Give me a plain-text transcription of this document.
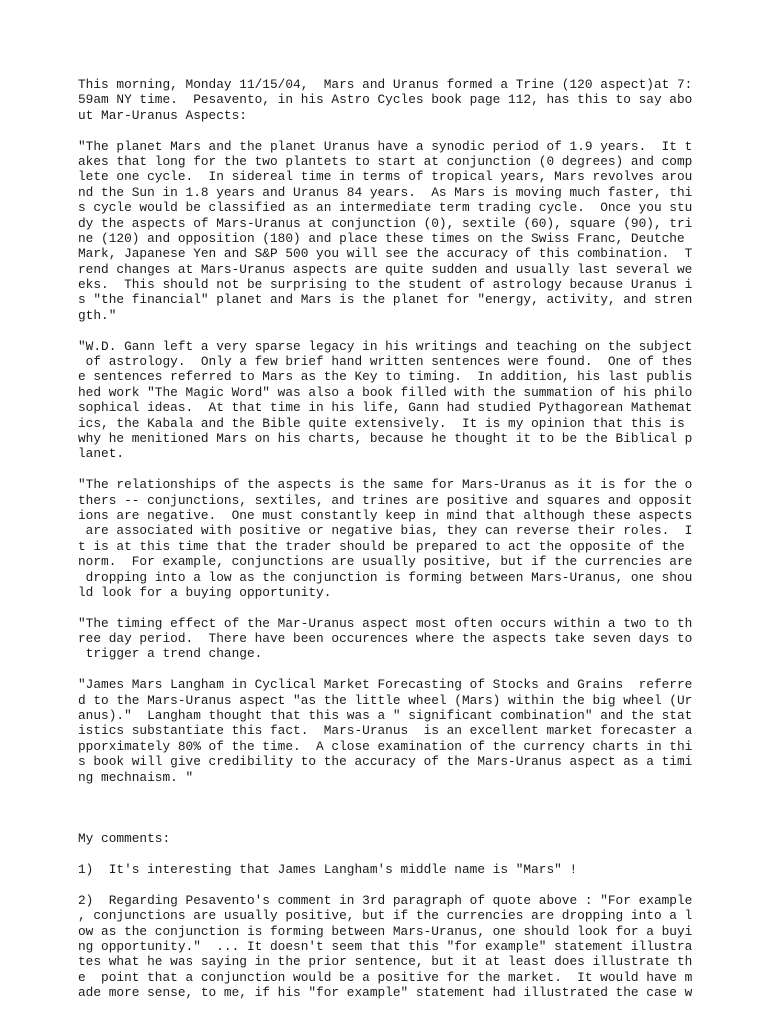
This morning, Monday 11/15/04,  Mars and Uranus formed a Trine (120 aspect)at 7:
59am NY time.  Pesavento, in his Astro Cycles book page 112, has this to say abo
ut Mar-Uranus Aspects:
"The planet Mars and the planet Uranus have a synodic period of 1.9 years.  It t
akes that long for the two plantets to start at conjunction (0 degrees) and comp
lete one cycle.  In sidereal time in terms of tropical years, Mars revolves arou
nd the Sun in 1.8 years and Uranus 84 years.  As Mars is moving much faster, thi
s cycle would be classified as an intermediate term trading cycle.  Once you stu
dy the aspects of Mars-Uranus at conjunction (0), sextile (60), square (90), tri
ne (120) and opposition (180) and place these times on the Swiss Franc, Deutche
Mark, Japanese Yen and S&P 500 you will see the accuracy of this combination.  T
rend changes at Mars-Uranus aspects are quite sudden and usually last several we
eks.  This should not be surprising to the student of astrology because Uranus i
s "the financial" planet and Mars is the planet for "energy, activity, and stren
gth."
"W.D. Gann left a very sparse legacy in his writings and teaching on the subject
of astrology.  Only a few brief hand written sentences were found.  One of thes
e sentences referred to Mars as the Key to timing.  In addition, his last publis
hed work "The Magic Word" was also a book filled with the summation of his philo
sophical ideas.  At that time in his life, Gann had studied Pythagorean Mathemat
ics, the Kabala and the Bible quite extensively.  It is my opinion that this is
why he menitioned Mars on his charts, because he thought it to be the Biblical p
lanet.
"The relationships of the aspects is the same for Mars-Uranus as it is for the o
thers -- conjunctions, sextiles, and trines are positive and squares and opposit
ions are negative.  One must constantly keep in mind that although these aspects
are associated with positive or negative bias, they can reverse their roles.  I
t is at this time that the trader should be prepared to act the opposite of the
norm.  For example, conjunctions are usually positive, but if the currencies are
dropping into a low as the conjunction is forming between Mars-Uranus, one shou
ld look for a buying opportunity.
"The timing effect of the Mar-Uranus aspect most often occurs within a two to th
ree day period.  There have been occurences where the aspects take seven days to
trigger a trend change.
"James Mars Langham in Cyclical Market Forecasting of Stocks and Grains  referre
d to the Mars-Uranus aspect "as the little wheel (Mars) within the big wheel (Ur
anus)."  Langham thought that this was a " significant combination" and the stat
istics substantiate this fact.  Mars-Uranus  is an excellent market forecaster a
pporximately 80% of the time.  A close examination of the currency charts in thi
s book will give credibility to the accuracy of the Mars-Uranus aspect as a timi
ng mechnaism. "
My comments:
1)  It's interesting that James Langham's middle name is "Mars" !
2)  Regarding Pesavento's comment in 3rd paragraph of quote above : "For example
, conjunctions are usually positive, but if the currencies are dropping into a l
ow as the conjunction is forming between Mars-Uranus, one should look for a buyi
ng opportunity."  ... It doesn't seem that this "for example" statement illustra
tes what he was saying in the prior sentence, but it at least does illustrate th
e  point that a conjunction would be a positive for the market.  It would have m
ade more sense, to me, if his "for example" statement had illustrated the case w
